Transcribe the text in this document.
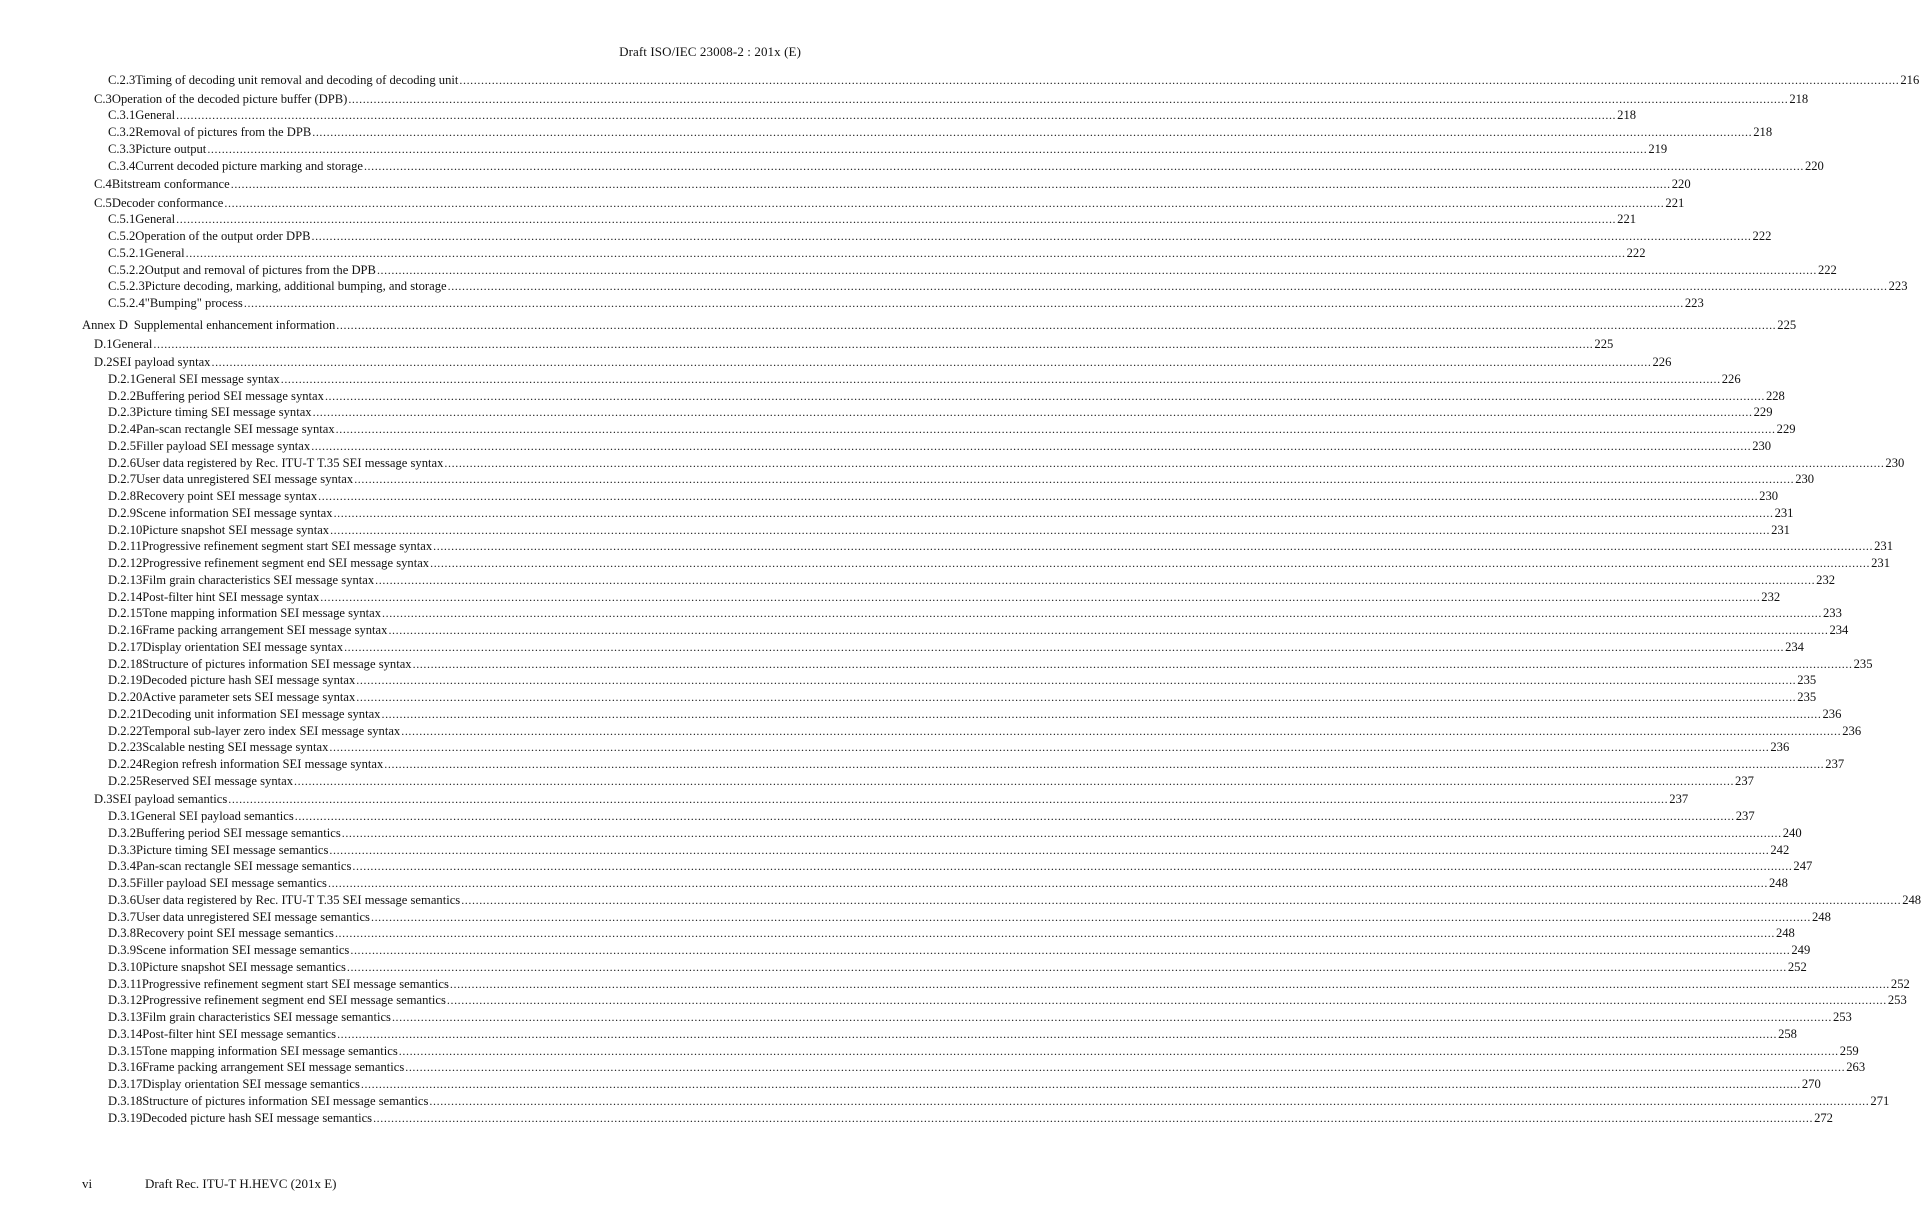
Draft ISO/IEC 23008-2 : 201x (E)
C.2.3 Timing of decoding unit removal and decoding of decoding unit ................................................................................................................................................................................................................................................................................................................................................................................................................ 216
C.3 Operation of the decoded picture buffer (DPB) ................................................................................................................................................................................................................................................................................................................................................................................................................ 218
C.3.1 General ................................................................................................................................................................................................................................................................................................................................................................................................................ 218
C.3.2 Removal of pictures from the DPB ................................................................................................................................................................................................................................................................................................................................................................................................................ 218
C.3.3 Picture output ................................................................................................................................................................................................................................................................................................................................................................................................................ 219
C.3.4 Current decoded picture marking and storage ................................................................................................................................................................................................................................................................................................................................................................................................................ 220
C.4 Bitstream conformance ................................................................................................................................................................................................................................................................................................................................................................................................................ 220
C.5 Decoder conformance ................................................................................................................................................................................................................................................................................................................................................................................................................ 221
C.5.1 General ................................................................................................................................................................................................................................................................................................................................................................................................................ 221
C.5.2 Operation of the output order DPB ................................................................................................................................................................................................................................................................................................................................................................................................................ 222
C.5.2.1 General ................................................................................................................................................................................................................................................................................................................................................................................................................ 222
C.5.2.2 Output and removal of pictures from the DPB ................................................................................................................................................................................................................................................................................................................................................................................................................ 222
C.5.2.3 Picture decoding, marking, additional bumping, and storage ................................................................................................................................................................................................................................................................................................................................................................................................................ 223
C.5.2.4 "Bumping" process ................................................................................................................................................................................................................................................................................................................................................................................................................ 223
Annex D Supplemental enhancement information ................................................................................................................................................................................................................................................................................................................................................................................................................ 225
D.1 General ................................................................................................................................................................................................................................................................................................................................................................................................................ 225
D.2 SEI payload syntax ................................................................................................................................................................................................................................................................................................................................................................................................................ 226
D.2.1 General SEI message syntax ................................................................................................................................................................................................................................................................................................................................................................................................................ 226
D.2.2 Buffering period SEI message syntax ................................................................................................................................................................................................................................................................................................................................................................................................................ 228
D.2.3 Picture timing SEI message syntax ................................................................................................................................................................................................................................................................................................................................................................................................................ 229
D.2.4 Pan-scan rectangle SEI message syntax ................................................................................................................................................................................................................................................................................................................................................................................................................ 229
D.2.5 Filler payload SEI message syntax ................................................................................................................................................................................................................................................................................................................................................................................................................ 230
D.2.6 User data registered by Rec. ITU-T T.35 SEI message syntax ................................................................................................................................................................................................................................................................................................................................................................................................................ 230
D.2.7 User data unregistered SEI message syntax ................................................................................................................................................................................................................................................................................................................................................................................................................ 230
D.2.8 Recovery point SEI message syntax ................................................................................................................................................................................................................................................................................................................................................................................................................ 230
D.2.9 Scene information SEI message syntax ................................................................................................................................................................................................................................................................................................................................................................................................................ 231
D.2.10 Picture snapshot SEI message syntax ................................................................................................................................................................................................................................................................................................................................................................................................................ 231
D.2.11 Progressive refinement segment start SEI message syntax ................................................................................................................................................................................................................................................................................................................................................................................................................ 231
D.2.12 Progressive refinement segment end SEI message syntax ................................................................................................................................................................................................................................................................................................................................................................................................................ 231
D.2.13 Film grain characteristics SEI message syntax ................................................................................................................................................................................................................................................................................................................................................................................................................ 232
D.2.14 Post-filter hint SEI message syntax ................................................................................................................................................................................................................................................................................................................................................................................................................ 232
D.2.15 Tone mapping information SEI message syntax ................................................................................................................................................................................................................................................................................................................................................................................................................ 233
D.2.16 Frame packing arrangement SEI message syntax ................................................................................................................................................................................................................................................................................................................................................................................................................ 234
D.2.17 Display orientation SEI message syntax ................................................................................................................................................................................................................................................................................................................................................................................................................ 234
D.2.18 Structure of pictures information SEI message syntax ................................................................................................................................................................................................................................................................................................................................................................................................................ 235
D.2.19 Decoded picture hash SEI message syntax ................................................................................................................................................................................................................................................................................................................................................................................................................ 235
D.2.20 Active parameter sets SEI message syntax ................................................................................................................................................................................................................................................................................................................................................................................................................ 235
D.2.21 Decoding unit information SEI message syntax ................................................................................................................................................................................................................................................................................................................................................................................................................ 236
D.2.22 Temporal sub-layer zero index SEI message syntax ................................................................................................................................................................................................................................................................................................................................................................................................................ 236
D.2.23 Scalable nesting SEI message syntax ................................................................................................................................................................................................................................................................................................................................................................................................................ 236
D.2.24 Region refresh information SEI message syntax ................................................................................................................................................................................................................................................................................................................................................................................................................ 237
D.2.25 Reserved SEI message syntax ................................................................................................................................................................................................................................................................................................................................................................................................................ 237
D.3 SEI payload semantics ................................................................................................................................................................................................................................................................................................................................................................................................................ 237
D.3.1 General SEI payload semantics ................................................................................................................................................................................................................................................................................................................................................................................................................ 237
D.3.2 Buffering period SEI message semantics ................................................................................................................................................................................................................................................................................................................................................................................................................ 240
D.3.3 Picture timing SEI message semantics ................................................................................................................................................................................................................................................................................................................................................................................................................ 242
D.3.4 Pan-scan rectangle SEI message semantics ................................................................................................................................................................................................................................................................................................................................................................................................................ 247
D.3.5 Filler payload SEI message semantics ................................................................................................................................................................................................................................................................................................................................................................................................................ 248
D.3.6 User data registered by Rec. ITU-T T.35 SEI message semantics ................................................................................................................................................................................................................................................................................................................................................................................................................ 248
D.3.7 User data unregistered SEI message semantics ................................................................................................................................................................................................................................................................................................................................................................................................................ 248
D.3.8 Recovery point SEI message semantics ................................................................................................................................................................................................................................................................................................................................................................................................................ 248
D.3.9 Scene information SEI message semantics ................................................................................................................................................................................................................................................................................................................................................................................................................ 249
D.3.10 Picture snapshot SEI message semantics ................................................................................................................................................................................................................................................................................................................................................................................................................ 252
D.3.11 Progressive refinement segment start SEI message semantics ................................................................................................................................................................................................................................................................................................................................................................................................................ 252
D.3.12 Progressive refinement segment end SEI message semantics ................................................................................................................................................................................................................................................................................................................................................................................................................ 253
D.3.13 Film grain characteristics SEI message semantics ................................................................................................................................................................................................................................................................................................................................................................................................................ 253
D.3.14 Post-filter hint SEI message semantics ................................................................................................................................................................................................................................................................................................................................................................................................................ 258
D.3.15 Tone mapping information SEI message semantics ................................................................................................................................................................................................................................................................................................................................................................................................................ 259
D.3.16 Frame packing arrangement SEI message semantics ................................................................................................................................................................................................................................................................................................................................................................................................................ 263
D.3.17 Display orientation SEI message semantics ................................................................................................................................................................................................................................................................................................................................................................................................................ 270
D.3.18 Structure of pictures information SEI message semantics ................................................................................................................................................................................................................................................................................................................................................................................................................ 271
D.3.19 Decoded picture hash SEI message semantics ................................................................................................................................................................................................................................................................................................................................................................................................................ 272
vi	Draft Rec. ITU-T H.HEVC (201x E)
